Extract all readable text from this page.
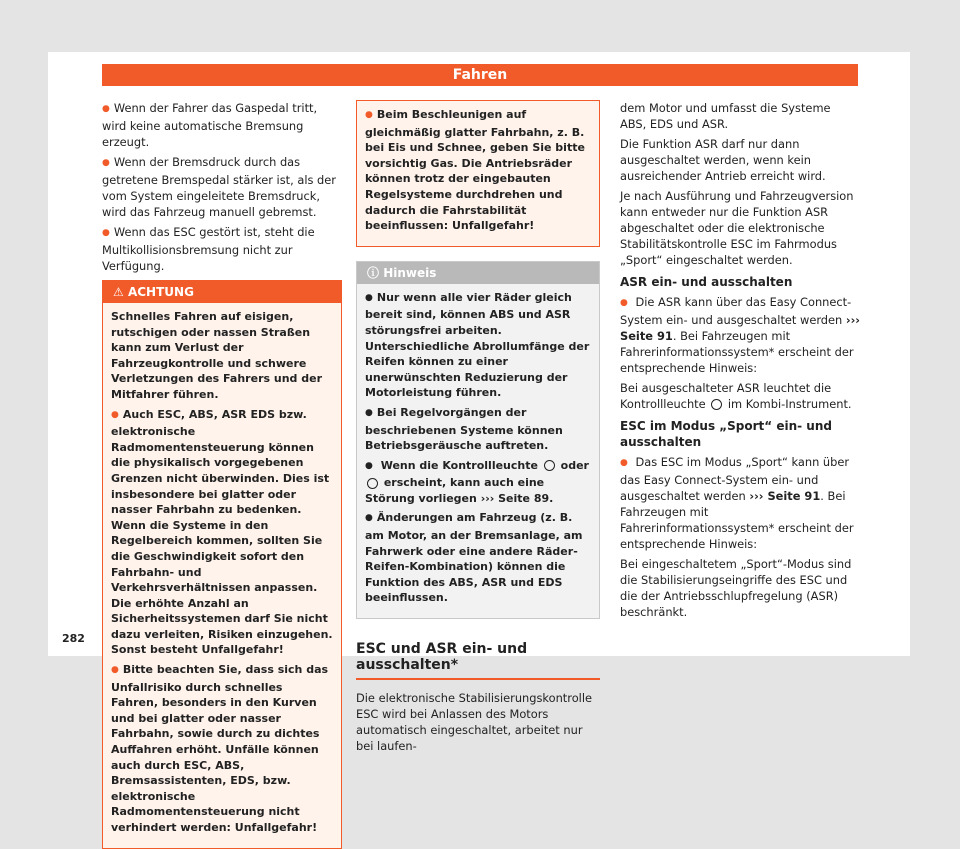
Fahren

● Wenn der Fahrer das Gaspedal tritt, wird keine automatische Bremsung erzeugt.

● Wenn der Bremsdruck durch das getretene Bremspedal stärker ist, als der vom System eingeleitete Bremsdruck, wird das Fahrzeug manuell gebremst.

● Wenn das ESC gestört ist, steht die Multikollisionsbremsung nicht zur Verfügung.

⚠ ACHTUNG

Schnelles Fahren auf eisigen, rutschigen oder nassen Straßen kann zum Verlust der Fahrzeugkontrolle und schwere Verletzungen des Fahrers und der Mitfahrer führen.

● Auch ESC, ABS, ASR EDS bzw. elektronische Radmomentensteuerung können die physikalisch vorgegebenen Grenzen nicht überwinden. Dies ist insbesondere bei glatter oder nasser Fahrbahn zu bedenken. Wenn die Systeme in den Regelbereich kommen, sollten Sie die Geschwindigkeit sofort den Fahrbahn- und Verkehrsverhältnissen anpassen. Die erhöhte Anzahl an Sicherheitssystemen darf Sie nicht dazu verleiten, Risiken einzugehen. Sonst besteht Unfallgefahr!

● Bitte beachten Sie, dass sich das Unfallrisiko durch schnelles Fahren, besonders in den Kurven und bei glatter oder nasser Fahrbahn, sowie durch zu dichtes Auffahren erhöht. Unfälle können auch durch ESC, ABS, Bremsassistenten, EDS, bzw. elektronische Radmomentensteuerung nicht verhindert werden: Unfallgefahr!

● Beim Beschleunigen auf gleichmäßig glatter Fahrbahn, z. B. bei Eis und Schnee, geben Sie bitte vorsichtig Gas. Die Antriebsräder können trotz der eingebauten Regelsysteme durchdrehen und dadurch die Fahrstabilität beeinflussen: Unfallgefahr!

ⓘ Hinweis

● Nur wenn alle vier Räder gleich bereit sind, können ABS und ASR störungsfrei arbeiten. Unterschiedliche Abrollumfänge der Reifen können zu einer unerwünschten Reduzierung der Motorleistung führen.

● Bei Regelvorgängen der beschriebenen Systeme können Betriebsgeräusche auftreten.

● Wenn die Kontrollleuchte oder  erscheint, kann auch eine Störung vorliegen ››› Seite 89.

● Änderungen am Fahrzeug (z. B. am Motor, an der Bremsanlage, am Fahrwerk oder eine andere Räder-Reifen-Kombination) können die Funktion des ABS, ASR und EDS beeinflussen.

ESC und ASR ein- und ausschalten*

Die elektronische Stabilisierungskontrolle ESC wird bei Anlassen des Motors automatisch eingeschaltet, arbeitet nur bei laufen-

dem Motor und umfasst die Systeme ABS, EDS und ASR.

Die Funktion ASR darf nur dann ausgeschaltet werden, wenn kein ausreichender Antrieb erreicht wird.

Je nach Ausführung und Fahrzeugversion kann entweder nur die Funktion ASR abgeschaltet oder die elektronische Stabilitätskontrolle ESC im Fahrmodus „Sport“ eingeschaltet werden.

ASR ein- und ausschalten

● Die ASR kann über das Easy Connect-System ein- und ausgeschaltet werden ››› Seite 91. Bei Fahrzeugen mit Fahrerinformationssystem* erscheint der entsprechende Hinweis:

Bei ausgeschalteter ASR leuchtet die Kontrollleuchte im Kombi-Instrument.

ESC im Modus „Sport“ ein- und ausschalten

● Das ESC im Modus „Sport“ kann über das Easy Connect-System ein- und ausgeschaltet werden ››› Seite 91. Bei Fahrzeugen mit Fahrerinformationssystem* erscheint der entsprechende Hinweis:

Bei eingeschaltetem „Sport“-Modus sind die Stabilisierungseingriffe des ESC und die der Antriebsschlupfregelung (ASR) beschränkt.

282
